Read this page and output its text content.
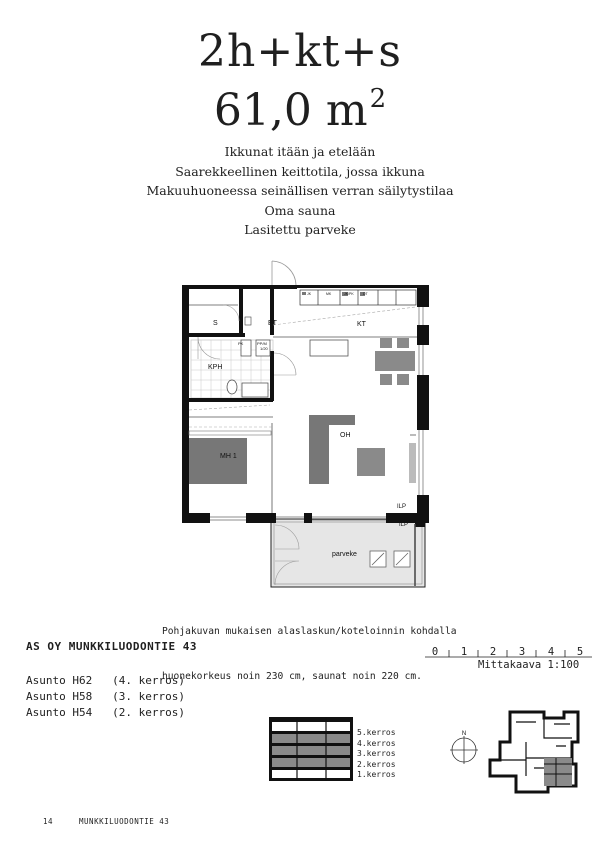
2h+kt+s
61,0 $m^2$
Ikkunat itään ja etelään
Saarekkeellinen keittotila, jossa ikkuna
Makuuhuoneessa seinällisen verran säilytystilaa
Oma sauna
Lasitettu parveke
S	ET	KT
KPH
MH 1
OH
parveke
ILP
ILP
PK	PP/M
1/20
JK	MK	JK/PK	DT

Pohjakuvan mukaisen alaslaskun/koteloinnin kohdalla

huonekorkeus noin 230 cm, saunat noin 220 cm.

AS OY MUNKKILUODONTIE 43
Asunto H62 (4. kerros)
Asunto H58 (3. kerros)
Asunto H54 (2. kerros)
0 1 2 3 4 5
Mittakaava 1:100
5.kerros
4.kerros
3.kerros
2.kerros
1.kerros
N
14	MUNKKILUODONTIE 43
